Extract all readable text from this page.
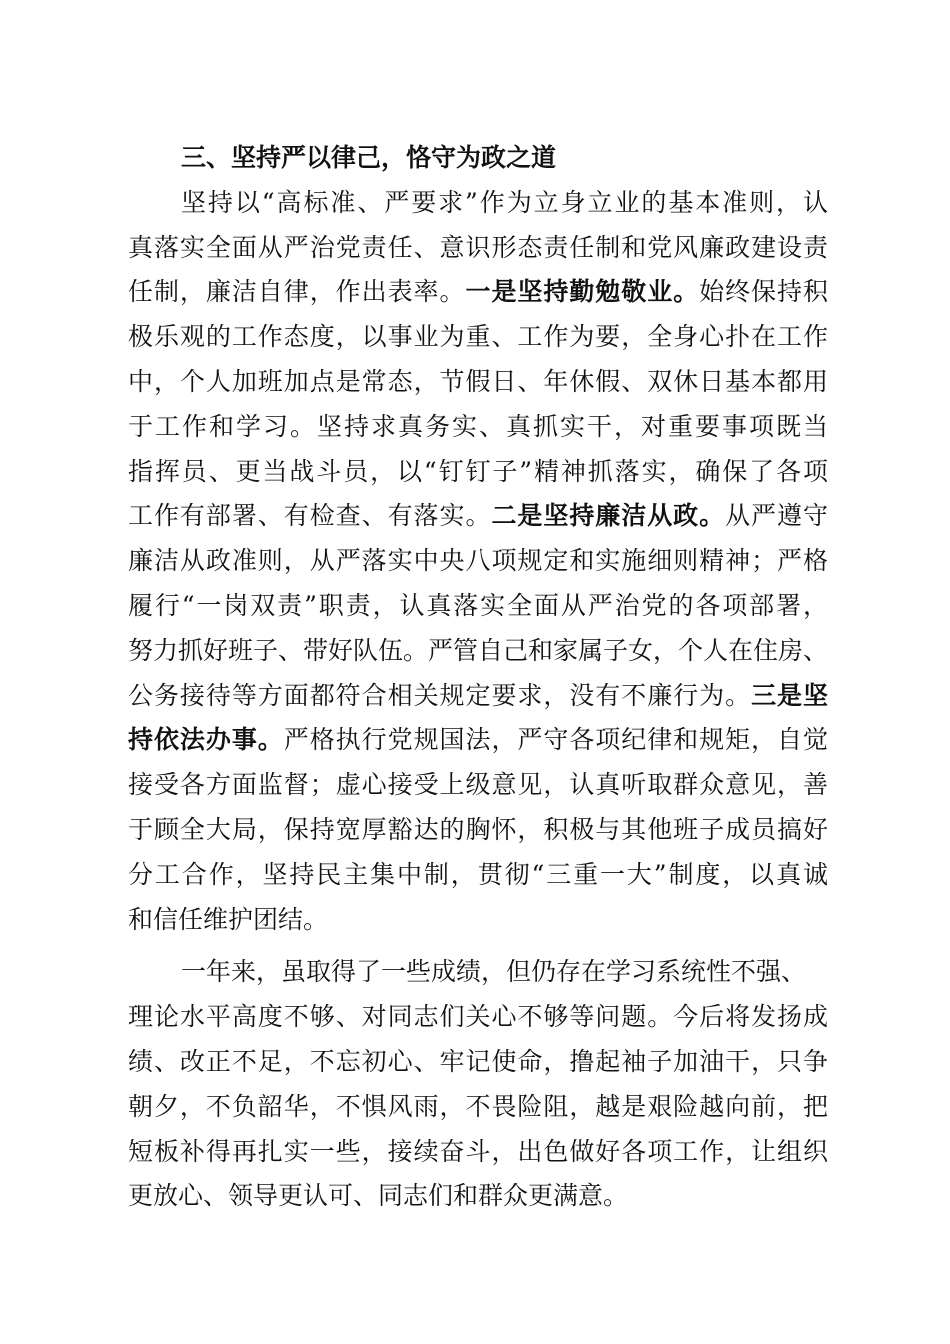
三、坚持严以律己，恪守为政之道
坚持以“高标准、严要求”作为立身立业的基本准则，认
真落实全面从严治党责任、意识形态责任制和党风廉政建设责
任制，廉洁自律，作出表率。一是坚持勤勉敬业。始终保持积
极乐观的工作态度，以事业为重、工作为要，全身心扑在工作
中，个人加班加点是常态，节假日、年休假、双休日基本都用
于工作和学习。坚持求真务实、真抓实干，对重要事项既当
指挥员、更当战斗员，以“钉钉子”精神抓落实，确保了各项
工作有部署、有检查、有落实。二是坚持廉洁从政。从严遵守
廉洁从政准则，从严落实中央八项规定和实施细则精神；严格
履行“一岗双责”职责，认真落实全面从严治党的各项部署，
努力抓好班子、带好队伍。严管自己和家属子女，个人在住房、
公务接待等方面都符合相关规定要求，没有不廉行为。三是坚
持依法办事。严格执行党规国法，严守各项纪律和规矩，自觉
接受各方面监督；虚心接受上级意见，认真听取群众意见，善
于顾全大局，保持宽厚豁达的胸怀，积极与其他班子成员搞好
分工合作，坚持民主集中制，贯彻“三重一大”制度，以真诚
和信任维护团结。
一年来，虽取得了一些成绩，但仍存在学习系统性不强、
理论水平高度不够、对同志们关心不够等问题。今后将发扬成
绩、改正不足，不忘初心、牢记使命，撸起袖子加油干，只争
朝夕，不负韶华，不惧风雨，不畏险阻，越是艰险越向前，把
短板补得再扎实一些，接续奋斗，出色做好各项工作，让组织
更放心、领导更认可、同志们和群众更满意。
